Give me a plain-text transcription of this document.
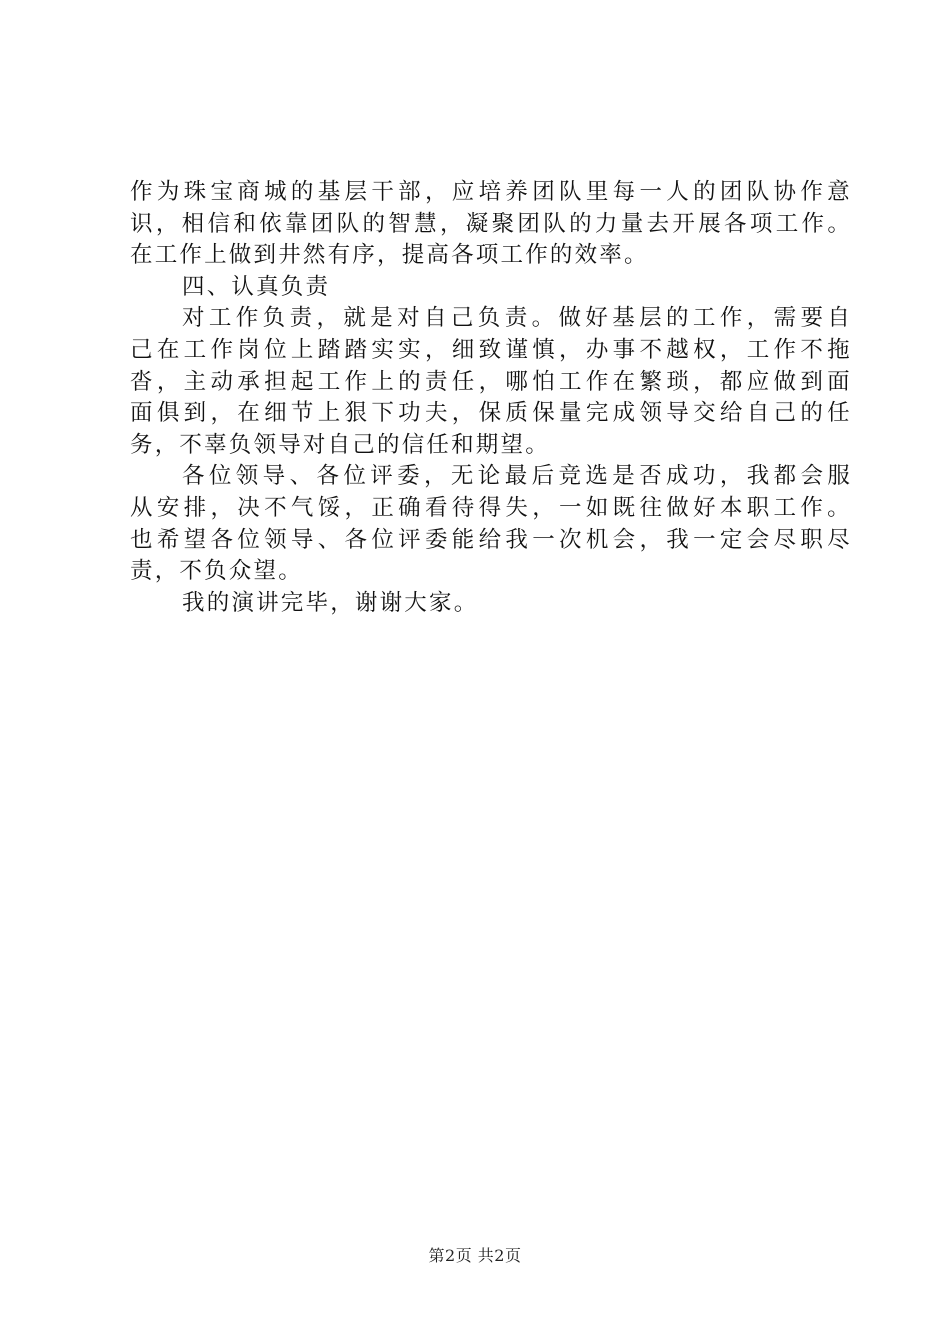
作 为 珠 宝 商 城 的 基 层 干 部 ， 应 培 养 团 队 里 每 一 人 的 团 队 协 作 意
识 ， 相 信 和 依 靠 团 队 的 智 慧 ， 凝 聚 团 队 的 力 量 去 开 展 各 项 工 作 。
在工作上做到井然有序，提高各项工作的效率。
四、认真负责
对 工 作 负 责 ， 就 是 对 自 己 负 责 。 做 好 基 层 的 工 作 ， 需 要 自
己 在 工 作 岗 位 上 踏 踏 实 实 ， 细 致 谨 慎 ， 办 事 不 越 权 ， 工 作 不 拖
沓 ， 主 动 承 担 起 工 作 上 的 责 任 ， 哪 怕 工 作 在 繁 琐 ， 都 应 做 到 面
面 俱 到 ， 在 细 节 上 狠 下 功 夫 ， 保 质 保 量 完 成 领 导 交 给 自 己 的 任
务，不辜负领导对自己的信任和期望。
各 位 领 导 、 各 位 评 委 ， 无 论 最 后 竞 选 是 否 成 功 ， 我 都 会 服
从 安 排 ， 决 不 气 馁 ， 正 确 看 待 得 失 ， 一 如 既 往 做 好 本 职 工 作 。
也 希 望 各 位 领 导 、 各 位 评 委 能 给 我 一 次 机 会 ， 我 一 定 会 尽 职 尽
责，不负众望。
我的演讲完毕，谢谢大家。
第2页 共2页
